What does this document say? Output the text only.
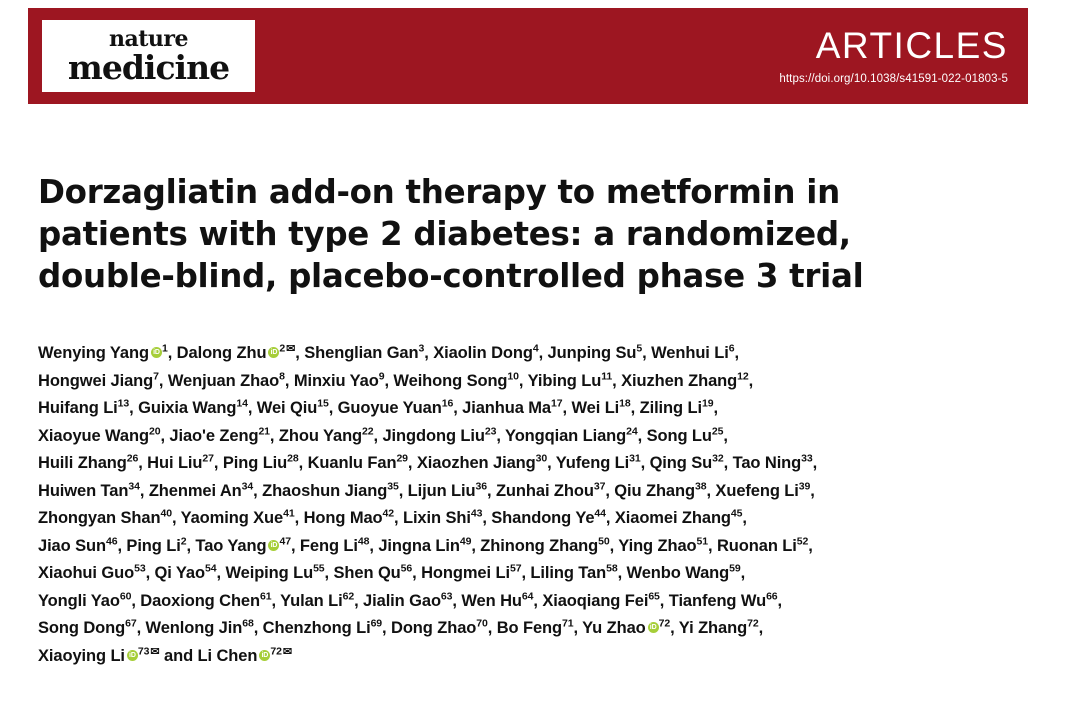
nature
medicine
ARTICLES
https://doi.org/10.1038/s41591-022-01803-5
Dorzagliatin add-on therapy to metformin in patients with type 2 diabetes: a randomized, double-blind, placebo-controlled phase 3 trial
Wenying Yang iD $^1$, Dalong Zhu iD $^2$✉, Shenglian Gan$^3$, Xiaolin Dong$^4$, Junping Su$^5$, Wenhui Li$^6$,
Hongwei Jiang$^7$, Wenjuan Zhao$^8$, Minxiu Yao$^9$, Weihong Song$^{10}$, Yibing Lu$^{11}$, Xiuzhen Zhang$^{12}$,
Huifang Li$^{13}$, Guixia Wang$^{14}$, Wei Qiu$^{15}$, Guoyue Yuan$^{16}$, Jianhua Ma$^{17}$, Wei Li$^{18}$, Ziling Li$^{19}$,
Xiaoyue Wang$^{20}$, Jiao'e Zeng$^{21}$, Zhou Yang$^{22}$, Jingdong Liu$^{23}$, Yongqian Liang$^{24}$, Song Lu$^{25}$,
Huili Zhang$^{26}$, Hui Liu$^{27}$, Ping Liu$^{28}$, Kuanlu Fan$^{29}$, Xiaozhen Jiang$^{30}$, Yufeng Li$^{31}$, Qing Su$^{32}$, Tao Ning$^{33}$,
Huiwen Tan$^{34}$, Zhenmei An$^{34}$, Zhaoshun Jiang$^{35}$, Lijun Liu$^{36}$, Zunhai Zhou$^{37}$, Qiu Zhang$^{38}$, Xuefeng Li$^{39}$,
Zhongyan Shan$^{40}$, Yaoming Xue$^{41}$, Hong Mao$^{42}$, Lixin Shi$^{43}$, Shandong Ye$^{44}$, Xiaomei Zhang$^{45}$,
Jiao Sun$^{46}$, Ping Li$^2$, Tao Yang iD $^{47}$, Feng Li$^{48}$, Jingna Lin$^{49}$, Zhinong Zhang$^{50}$, Ying Zhao$^{51}$, Ruonan Li$^{52}$,
Xiaohui Guo$^{53}$, Qi Yao$^{54}$, Weiping Lu$^{55}$, Shen Qu$^{56}$, Hongmei Li$^{57}$, Liling Tan$^{58}$, Wenbo Wang$^{59}$,
Yongli Yao$^{60}$, Daoxiong Chen$^{61}$, Yulan Li$^{62}$, Jialin Gao$^{63}$, Wen Hu$^{64}$, Xiaoqiang Fei$^{65}$, Tianfeng Wu$^{66}$,
Song Dong$^{67}$, Wenlong Jin$^{68}$, Chenzhong Li$^{69}$, Dong Zhao$^{70}$, Bo Feng$^{71}$, Yu Zhao iD $^{72}$, Yi Zhang$^{72}$,
Xiaoying Li iD $^{73}$✉ and Li Chen iD $^{72}$✉
